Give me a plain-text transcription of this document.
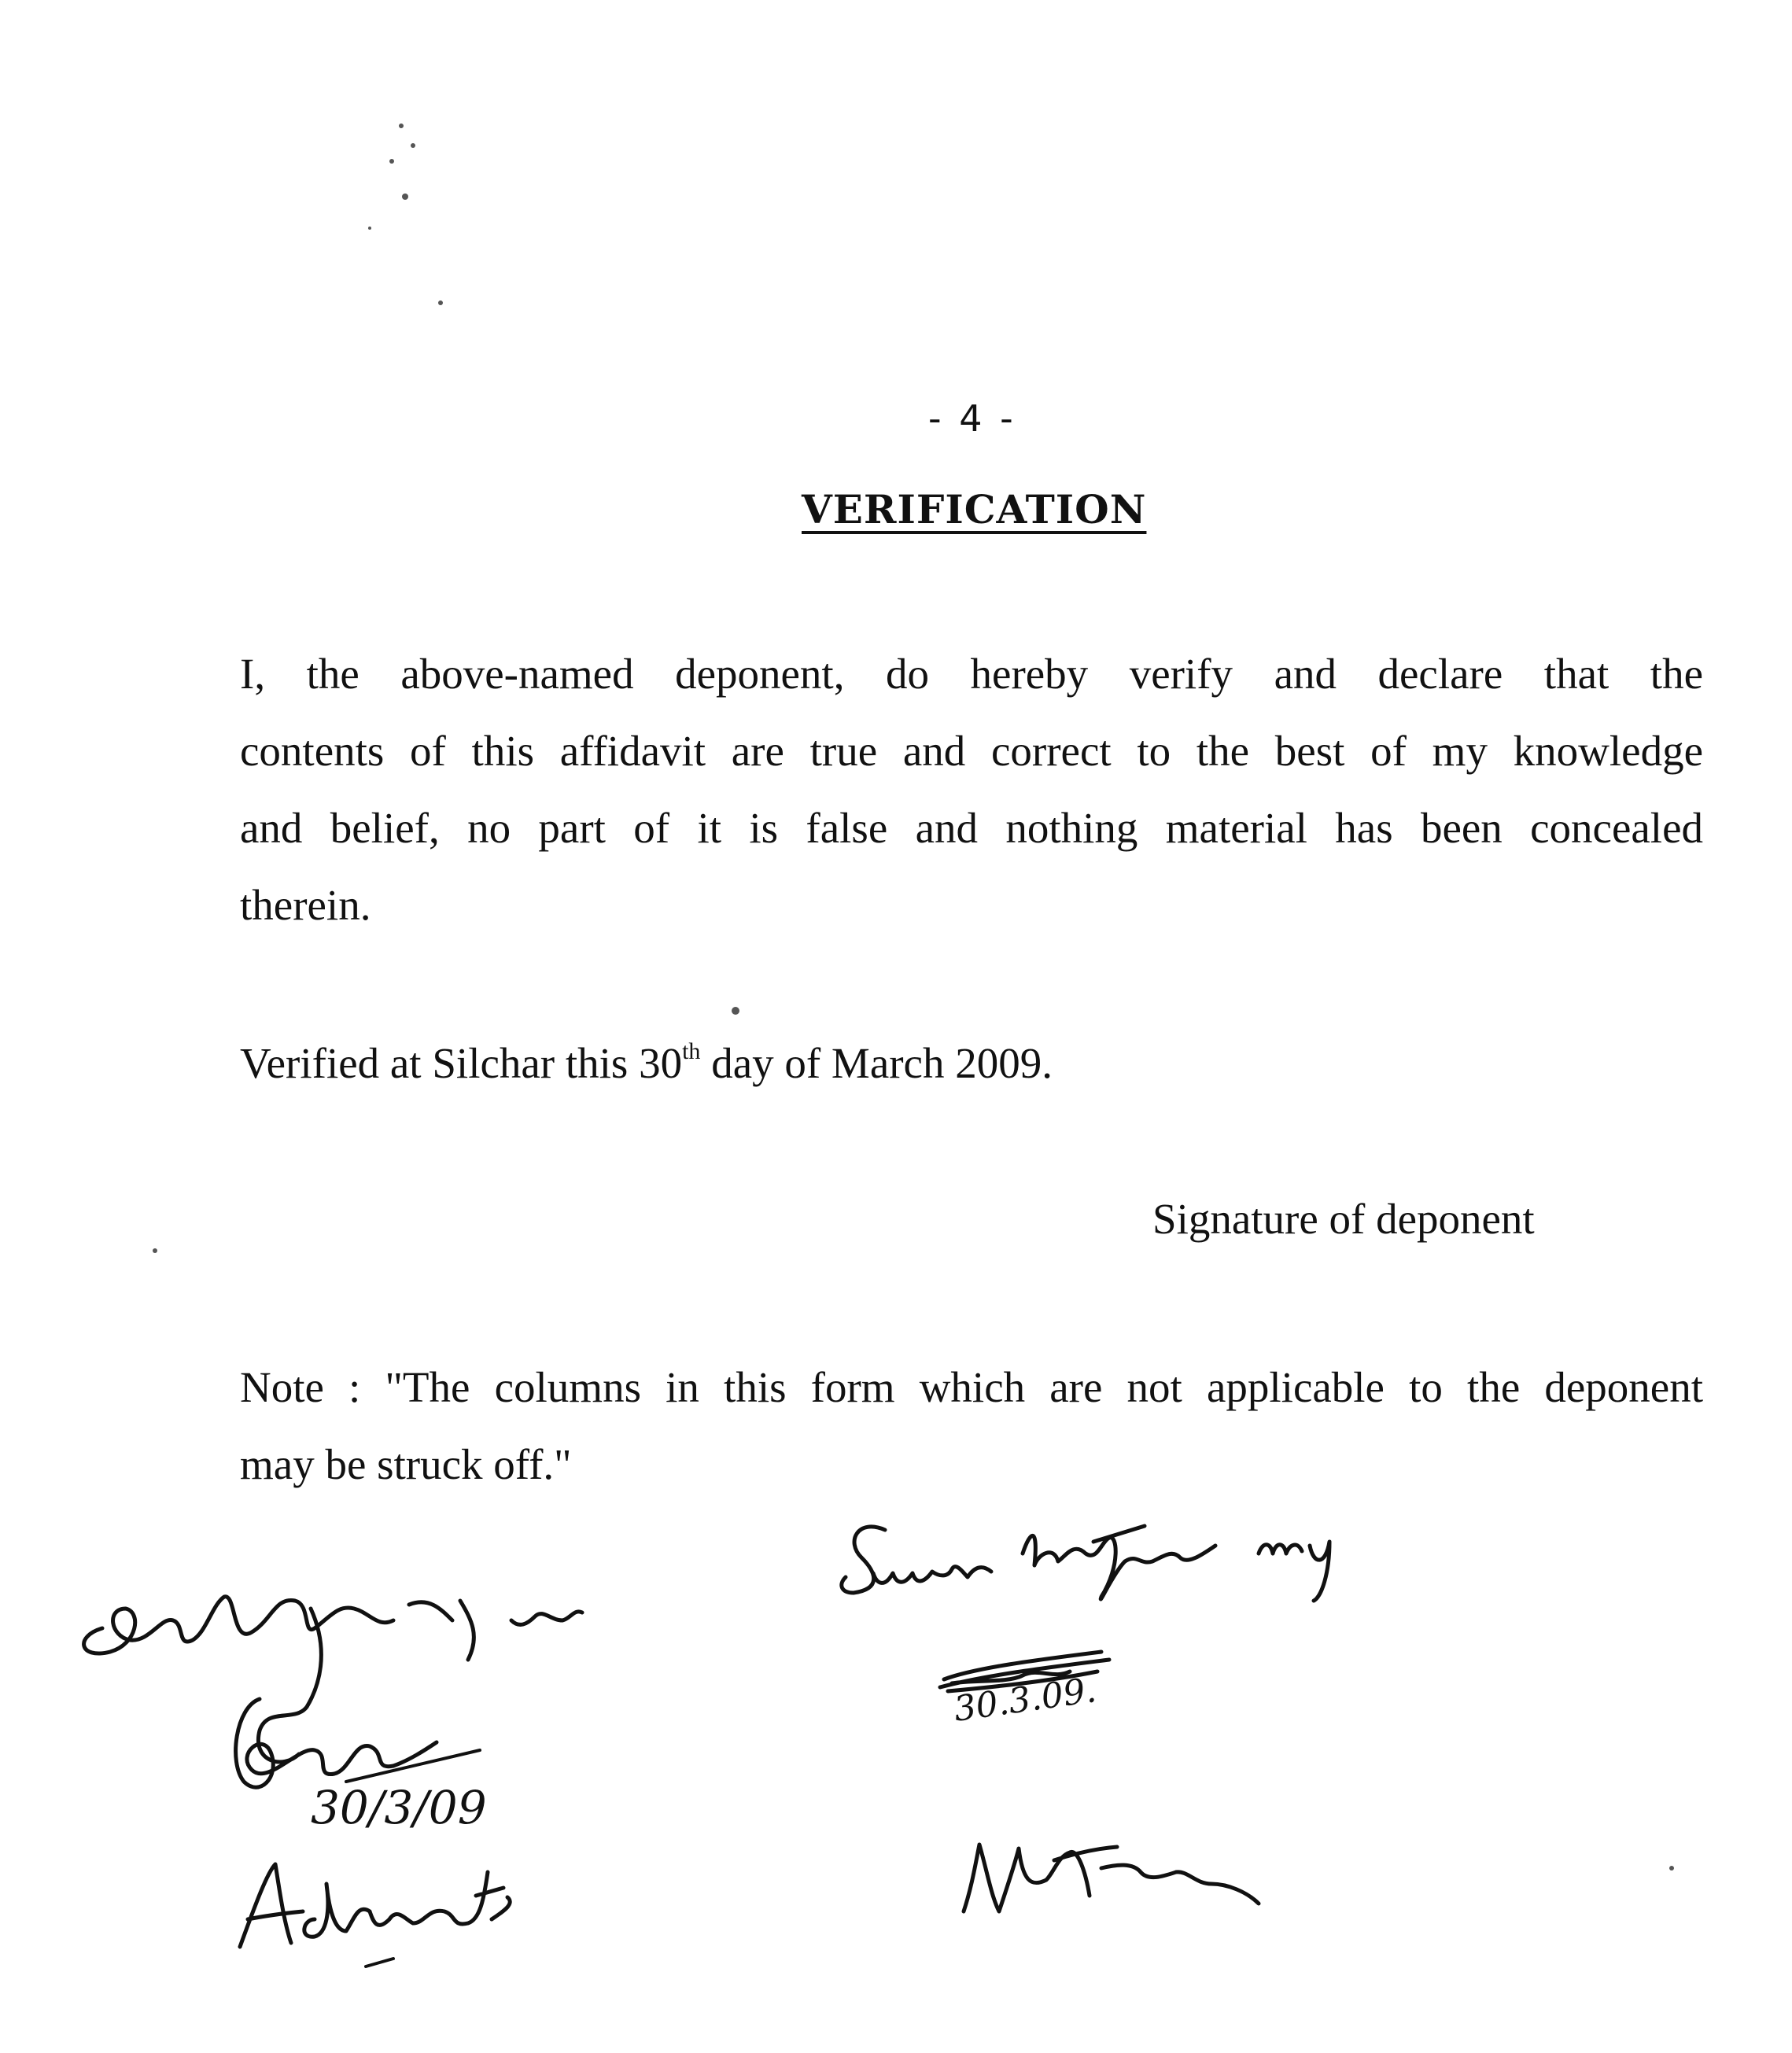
- 4 -
VERIFICATION
I, the above-named deponent, do hereby verify and declare that the
contents of this affidavit are true and correct to the best of my knowledge
and belief, no part of it is false and nothing material has been concealed
therein.
Verified at Silchar this 30th day of March 2009.
Signature of deponent
Note : "The columns in this form which are not applicable to the deponent
may be struck off."
30/3/09
30.3.09.
